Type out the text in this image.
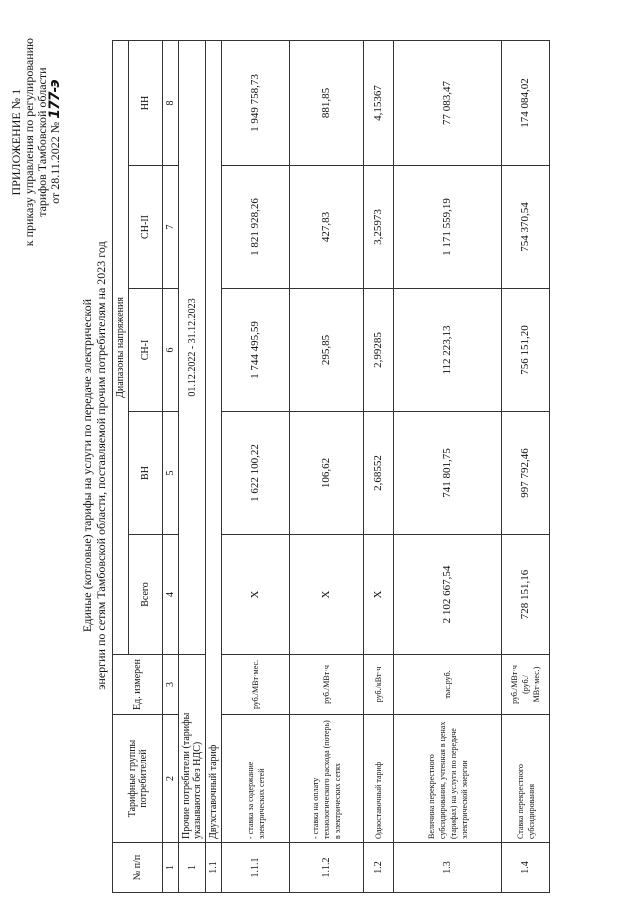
ПРИЛОЖЕНИЕ № 1 к приказу управления по регулированию тарифов Тамбовской области от 28.11.2022 № 177-э
Единые (котловые) тарифы на услуги по передаче электрической энергии по сетям Тамбовской области, поставляемой прочим потребителям на 2023 год
№ п/п	Тарифные группы потребителей	Ед. измерен	Диапазоны напряжения				
			Всего	ВН	СН-I	СН-II	НН
1	2	3	4	5	6	7	8
1	Прочие потребители (тарифы указываются без НДС)		01.12.2022 - 31.12.2023				
1.1	Двухставочный тариф						
1.1.1	- ставка за содержание электрических сетей	руб./МВт·мес.	X	1 622 100,22	1 744 495,59	1 821 928,26	1 949 758,73
1.1.2	- ставка на оплату технологического расхода (потерь) в электрических сетях	руб./МВт·ч	X	106,62	295,85	427,83	881,85
1.2	Одноставочный тариф	руб./кВт·ч	X	2,68552	2,99285	3,25973	4,15367
1.3	Величина перекрестного субсидирования, учтенная в ценах (тарифах) на услуги по передаче электрической энергии	тыс.руб.	2 102 667,54	741 801,75	112 223,13	1 171 559,19	77 083,47
1.4	Ставка перекрестного субсидирования	руб./МВт·ч (руб./МВт·мес.)	728 151,16	997 792,46	756 151,20	754 370,54	174 084,02
